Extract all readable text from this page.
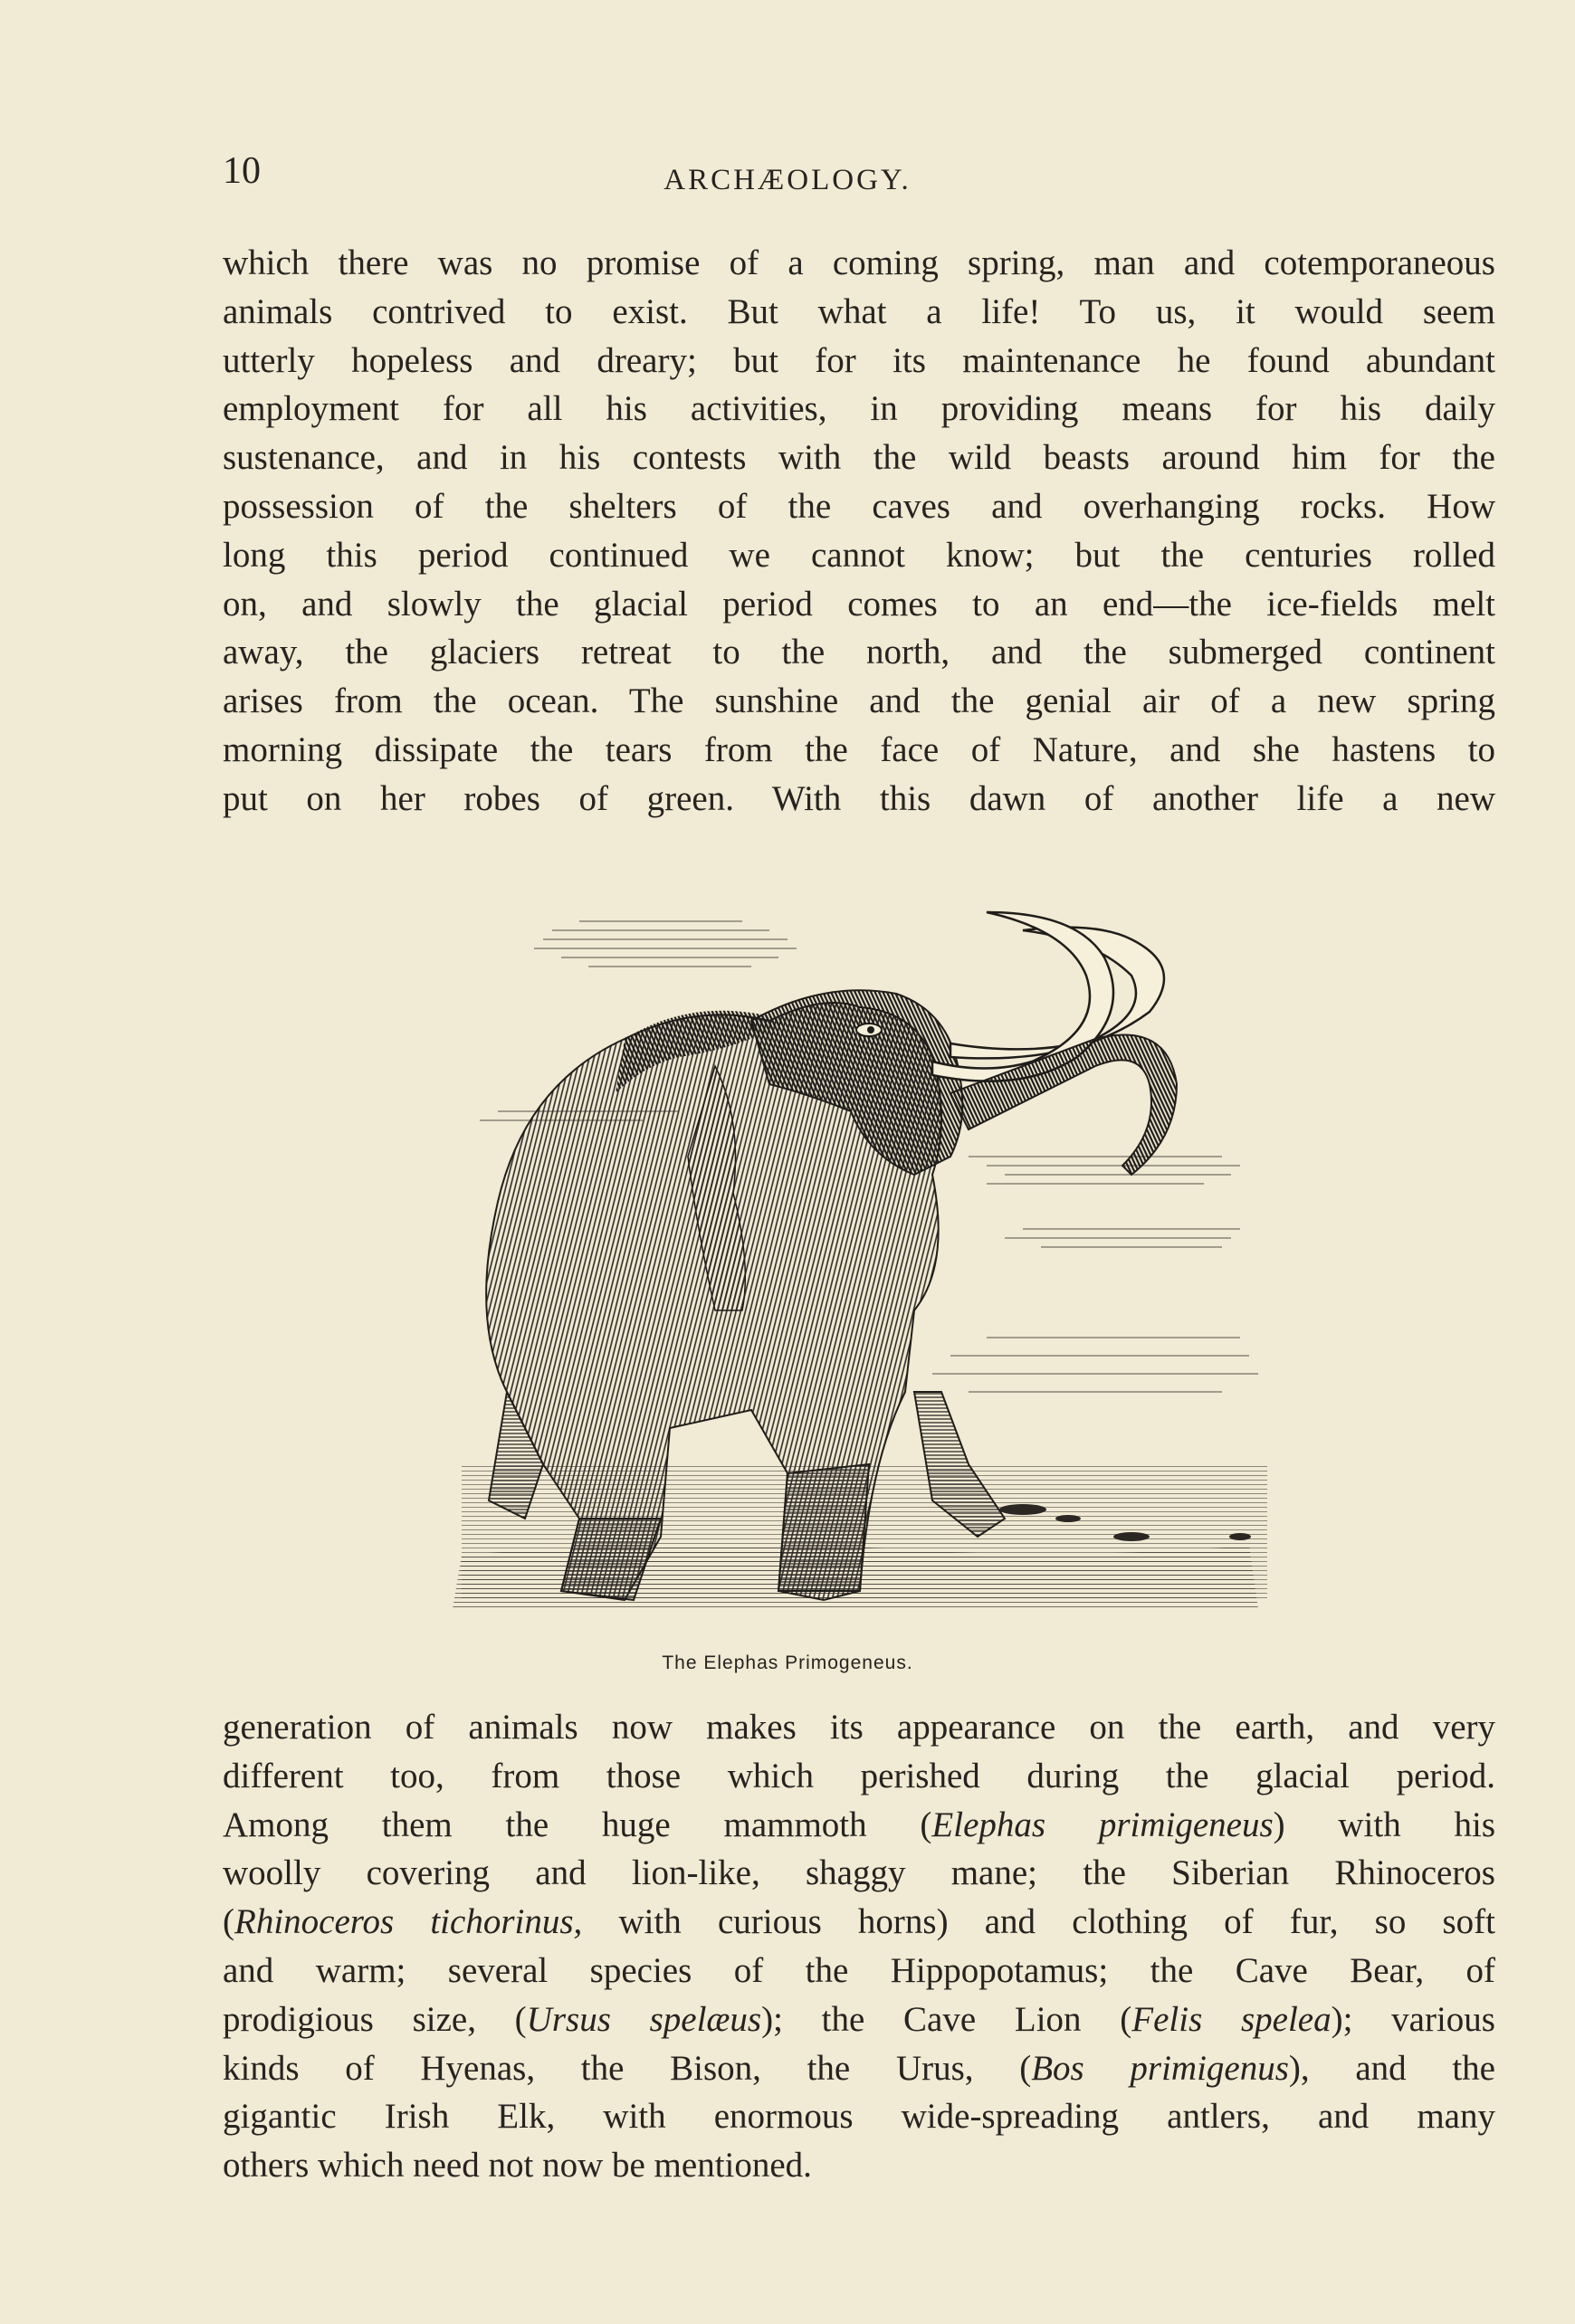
10	ARCHÆOLOGY.
which there was no promise of a coming spring, man and cotemporaneous
animals contrived to exist. But what a life! To us, it would seem
utterly hopeless and dreary; but for its maintenance he found abundant
employment for all his activities, in providing means for his daily
sustenance, and in his contests with the wild beasts around him for the
possession of the shelters of the caves and overhanging rocks. How
long this period continued we cannot know; but the centuries rolled
on, and slowly the glacial period comes to an end—the ice-fields melt
away, the glaciers retreat to the north, and the submerged continent
arises from the ocean. The sunshine and the genial air of a new spring
morning dissipate the tears from the face of Nature, and she hastens to
put on her robes of green. With this dawn of another life a new
The Elephas Primogeneus.
generation of animals now makes its appearance on the earth, and very
different too, from those which perished during the glacial period.
Among them the huge mammoth (Elephas primigeneus) with his
woolly covering and lion-like, shaggy mane; the Siberian Rhinoceros
(Rhinoceros tichorinus, with curious horns) and clothing of fur, so soft
and warm; several species of the Hippopotamus; the Cave Bear, of
prodigious size, (Ursus spelæus); the Cave Lion (Felis spelea); various
kinds of Hyenas, the Bison, the Urus, (Bos primigenus), and the
gigantic Irish Elk, with enormous wide-spreading antlers, and many
others which need not now be mentioned.
